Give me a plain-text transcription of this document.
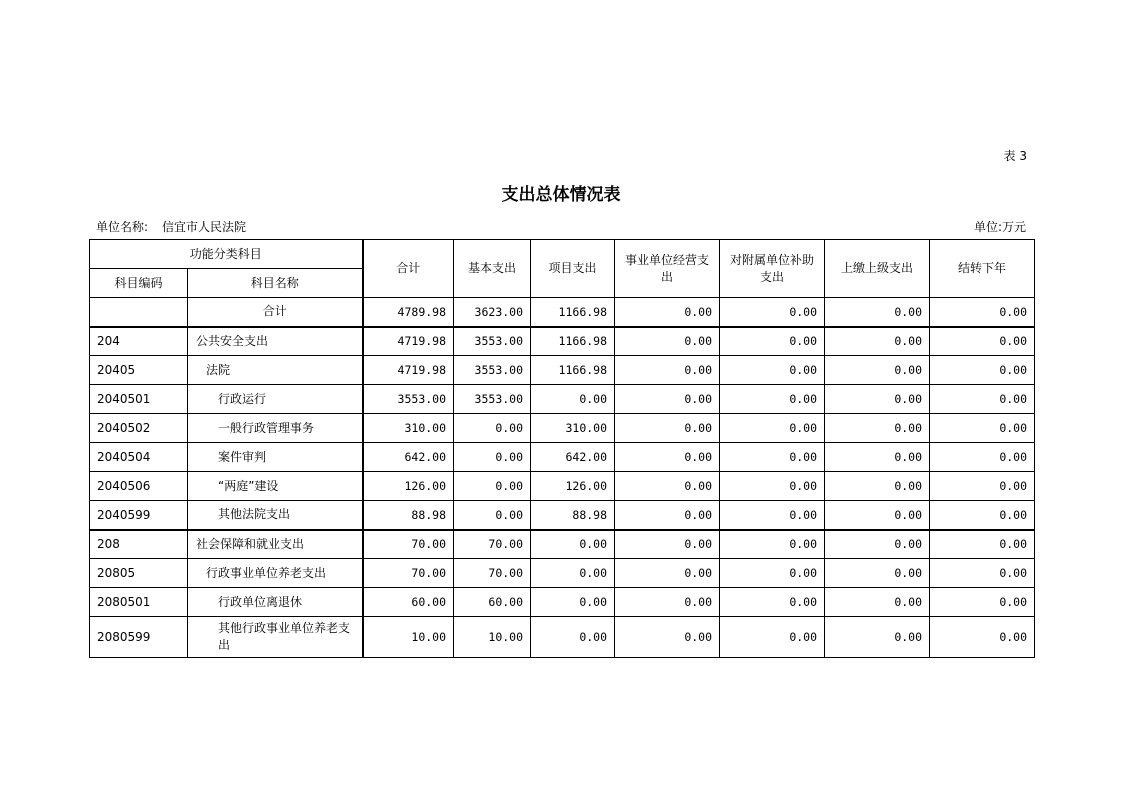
表 3
支出总体情况表
单位名称: 信宜市人民法院	单位:万元
功能分类科目		合计	基本支出	项目支出	事业单位经营支出	对附属单位补助支出	上缴上级支出	结转下年
科目编码	科目名称							
	合计	4789.98	3623.00	1166.98	0.00	0.00	0.00	0.00
204	公共安全支出	4719.98	3553.00	1166.98	0.00	0.00	0.00	0.00
20405	法院	4719.98	3553.00	1166.98	0.00	0.00	0.00	0.00
2040501	行政运行	3553.00	3553.00	0.00	0.00	0.00	0.00	0.00
2040502	一般行政管理事务	310.00	0.00	310.00	0.00	0.00	0.00	0.00
2040504	案件审判	642.00	0.00	642.00	0.00	0.00	0.00	0.00
2040506	“两庭”建设	126.00	0.00	126.00	0.00	0.00	0.00	0.00
2040599	其他法院支出	88.98	0.00	88.98	0.00	0.00	0.00	0.00
208	社会保障和就业支出	70.00	70.00	0.00	0.00	0.00	0.00	0.00
20805	行政事业单位养老支出	70.00	70.00	0.00	0.00	0.00	0.00	0.00
2080501	行政单位离退休	60.00	60.00	0.00	0.00	0.00	0.00	0.00
2080599	其他行政事业单位养老支出	10.00	10.00	0.00	0.00	0.00	0.00	0.00
